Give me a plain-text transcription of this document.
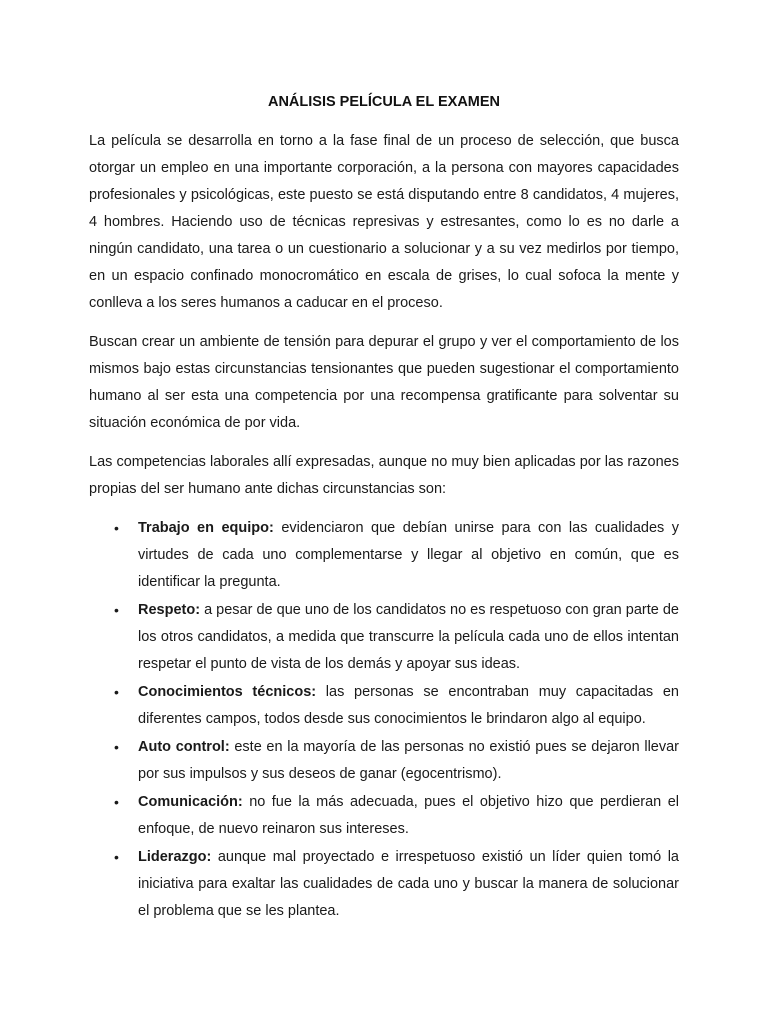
ANÁLISIS PELÍCULA EL EXAMEN

La película se desarrolla en torno a la fase final de un proceso de selección, que busca otorgar un empleo en una importante corporación, a la persona con mayores capacidades profesionales y psicológicas, este puesto se está disputando entre 8 candidatos, 4 mujeres, 4 hombres. Haciendo uso de técnicas represivas y estresantes, como lo es no darle a ningún candidato, una tarea o un cuestionario a solucionar y a su vez medirlos por tiempo, en un espacio confinado monocromático en escala de grises, lo cual sofoca la mente y conlleva a los seres humanos a caducar en el proceso.

Buscan crear un ambiente de tensión para depurar el grupo y ver el comportamiento de los mismos bajo estas circunstancias tensionantes que pueden sugestionar el comportamiento humano al ser esta una competencia por una recompensa gratificante para solventar su situación económica de por vida.

Las competencias laborales allí expresadas, aunque no muy bien aplicadas por las razones propias del ser humano ante dichas circunstancias son:

• Trabajo en equipo: evidenciaron que debían unirse para con las cualidades y virtudes de cada uno complementarse y llegar al objetivo en común, que es identificar la pregunta.
• Respeto: a pesar de que uno de los candidatos no es respetuoso con gran parte de los otros candidatos, a medida que transcurre la película cada uno de ellos intentan respetar el punto de vista de los demás y apoyar sus ideas.
• Conocimientos técnicos: las personas se encontraban muy capacitadas en diferentes campos, todos desde sus conocimientos le brindaron algo al equipo.
• Auto control: este en la mayoría de las personas no existió pues se dejaron llevar por sus impulsos y sus deseos de ganar (egocentrismo).
• Comunicación: no fue la más adecuada, pues el objetivo hizo que perdieran el enfoque, de nuevo reinaron sus intereses.
• Liderazgo: aunque mal proyectado e irrespetuoso existió un líder quien tomó la iniciativa para exaltar las cualidades de cada uno y buscar la manera de solucionar el problema que se les plantea.
